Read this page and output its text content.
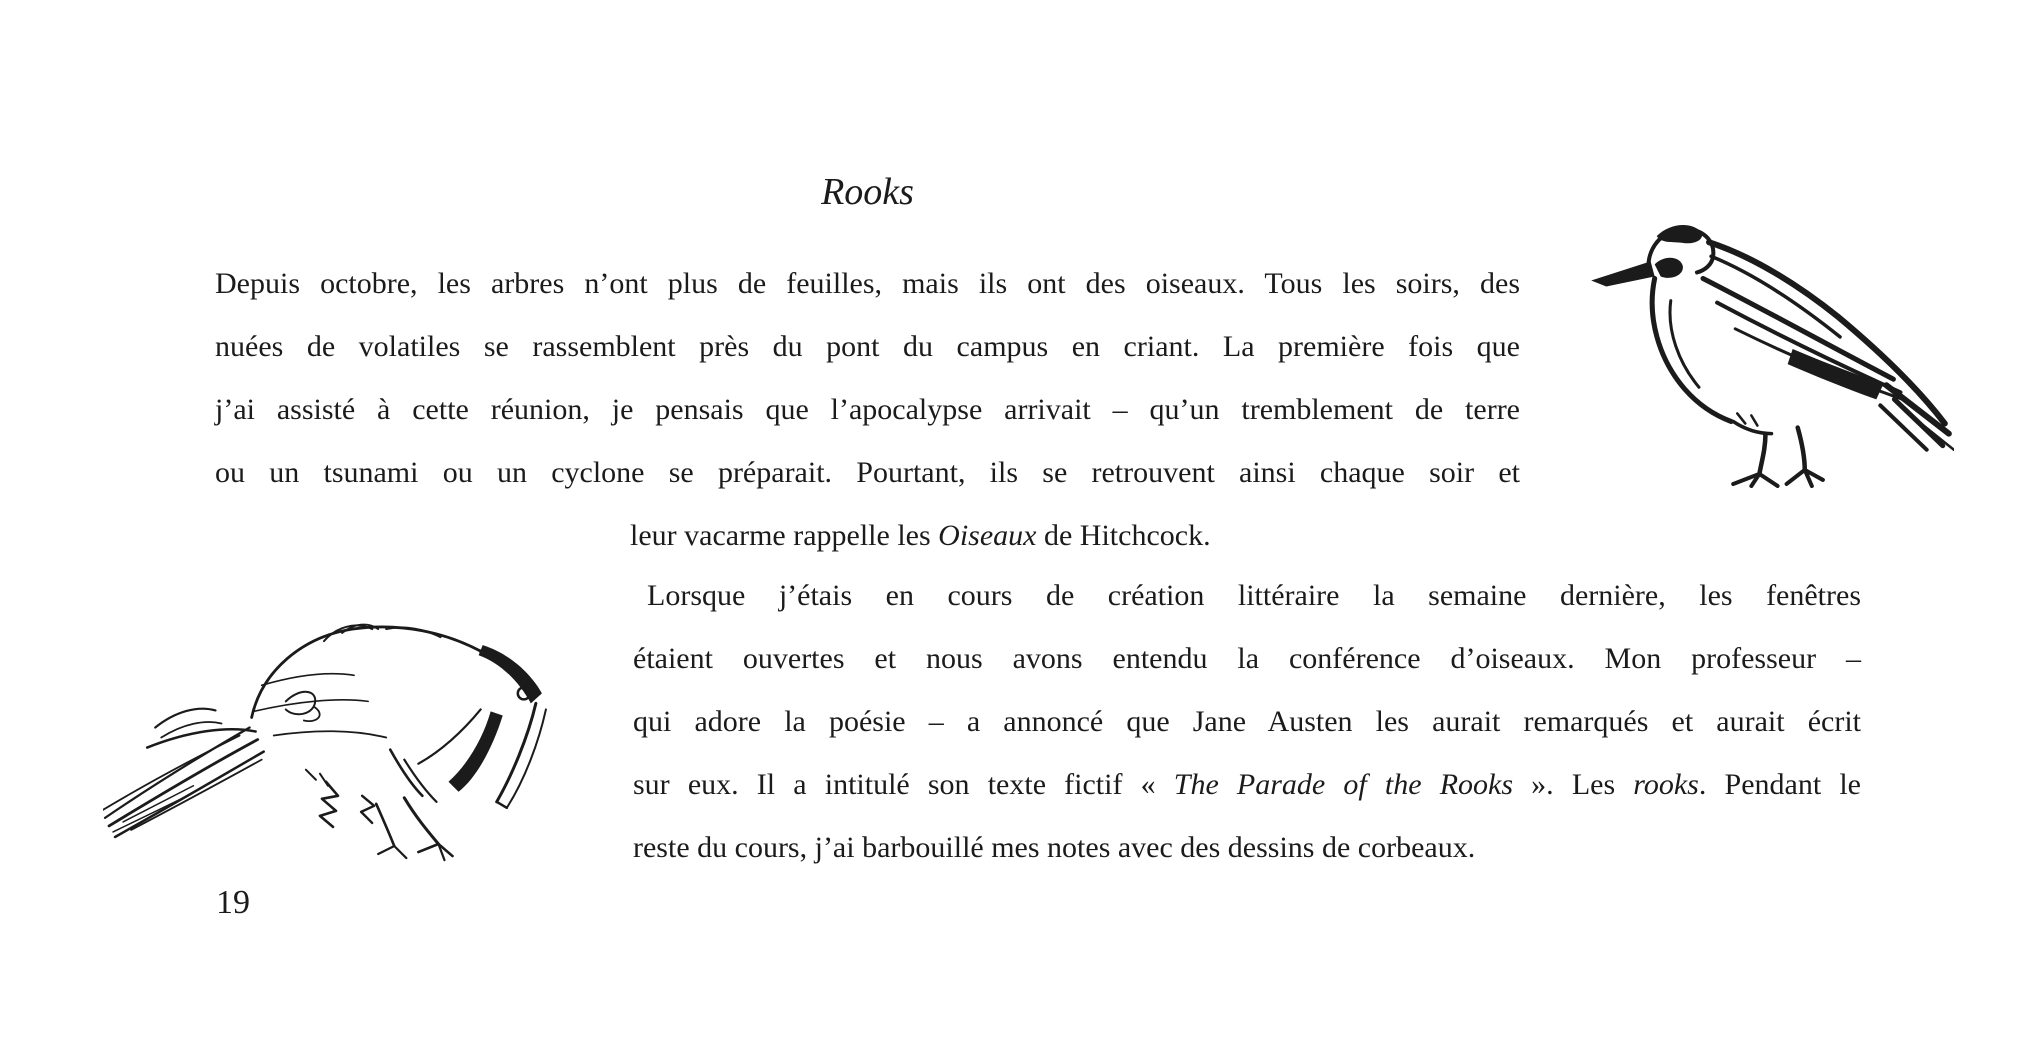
Rooks
Depuis octobre, les arbres n’ont plus de feuilles, mais ils ont des oiseaux. Tous les soirs, des
nuées de volatiles se rassemblent près du pont du campus en criant. La première fois que
j’ai assisté à cette réunion, je pensais que l’apocalypse arrivait – qu’un tremblement de terre
ou un tsunami ou un cyclone se préparait. Pourtant, ils se retrouvent ainsi chaque soir et
leur vacarme rappelle les Oiseaux de Hitchcock.
Lorsque j’étais en cours de création littéraire la semaine dernière, les fenêtres
étaient ouvertes et nous avons entendu la conférence d’oiseaux. Mon professeur –
qui adore la poésie – a annoncé que Jane Austen les aurait remarqués et aurait écrit
sur eux. Il a intitulé son texte fictif « The Parade of the Rooks ». Les rooks. Pendant le
reste du cours, j’ai barbouillé mes notes avec des dessins de corbeaux.
19
